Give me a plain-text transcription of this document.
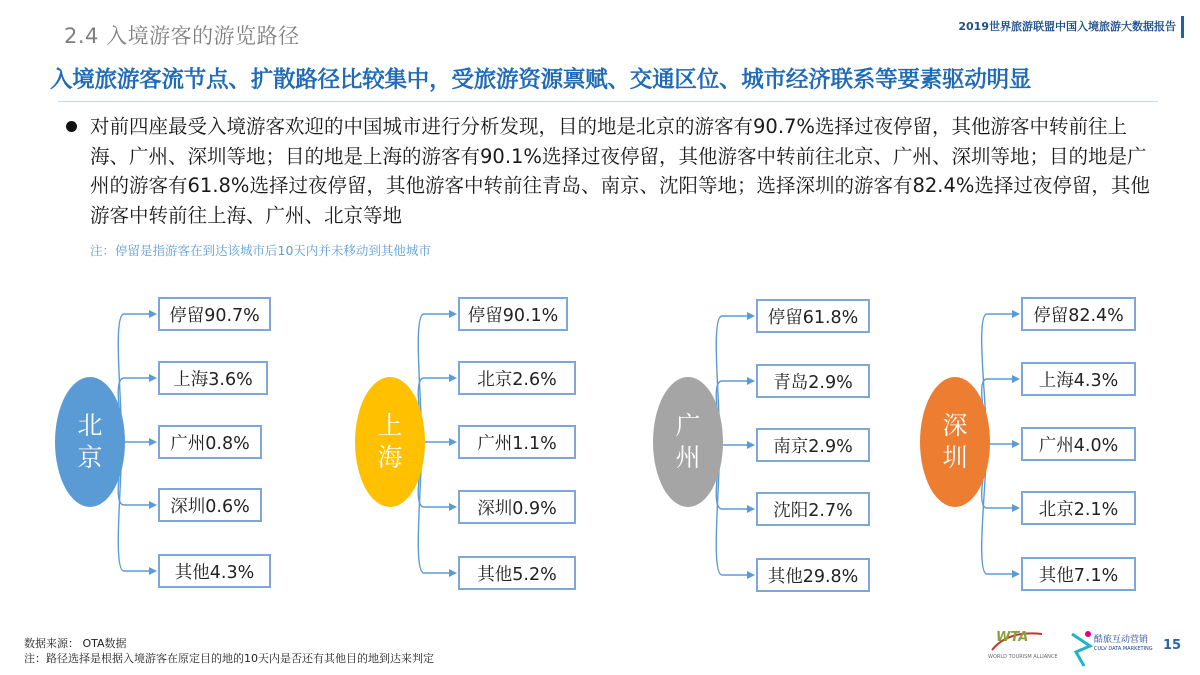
2.4 入境游客的游览路径	2019世界旅游联盟中国入境旅游大数据报告
入境旅游客流节点、扩散路径比较集中，受旅游资源禀赋、交通区位、城市经济联系等要素驱动明显
对前四座最受入境游客欢迎的中国城市进行分析发现，目的地是北京的游客有90.7%选择过夜停留，其他游客中转前往上海、广州、深圳等地；目的地是上海的游客有90.1%选择过夜停留，其他游客中转前往北京、广州、深圳等地；目的地是广州的游客有61.8%选择过夜停留，其他游客中转前往青岛、南京、沈阳等地；选择深圳的游客有82.4%选择过夜停留，其他游客中转前往上海、广州、北京等地
注：停留是指游客在到达该城市后10天内并未移动到其他城市
北京
停留90.7%
上海3.6%
广州0.8%
深圳0.6%
其他4.3%
上海
停留90.1%
北京2.6%
广州1.1%
深圳0.9%
其他5.2%
广州
停留61.8%
青岛2.9%
南京2.9%
沈阳2.7%
其他29.8%
深圳
停留82.4%
上海4.3%
广州4.0%
北京2.1%
其他7.1%
数据来源： OTA数据
注：路径选择是根据入境游客在原定目的地的10天内是否还有其他目的地到达来判定
WTA
WORLD TOURISM ALLIANCE
酷旅互动营销
CULV DATA MARKETING 15
